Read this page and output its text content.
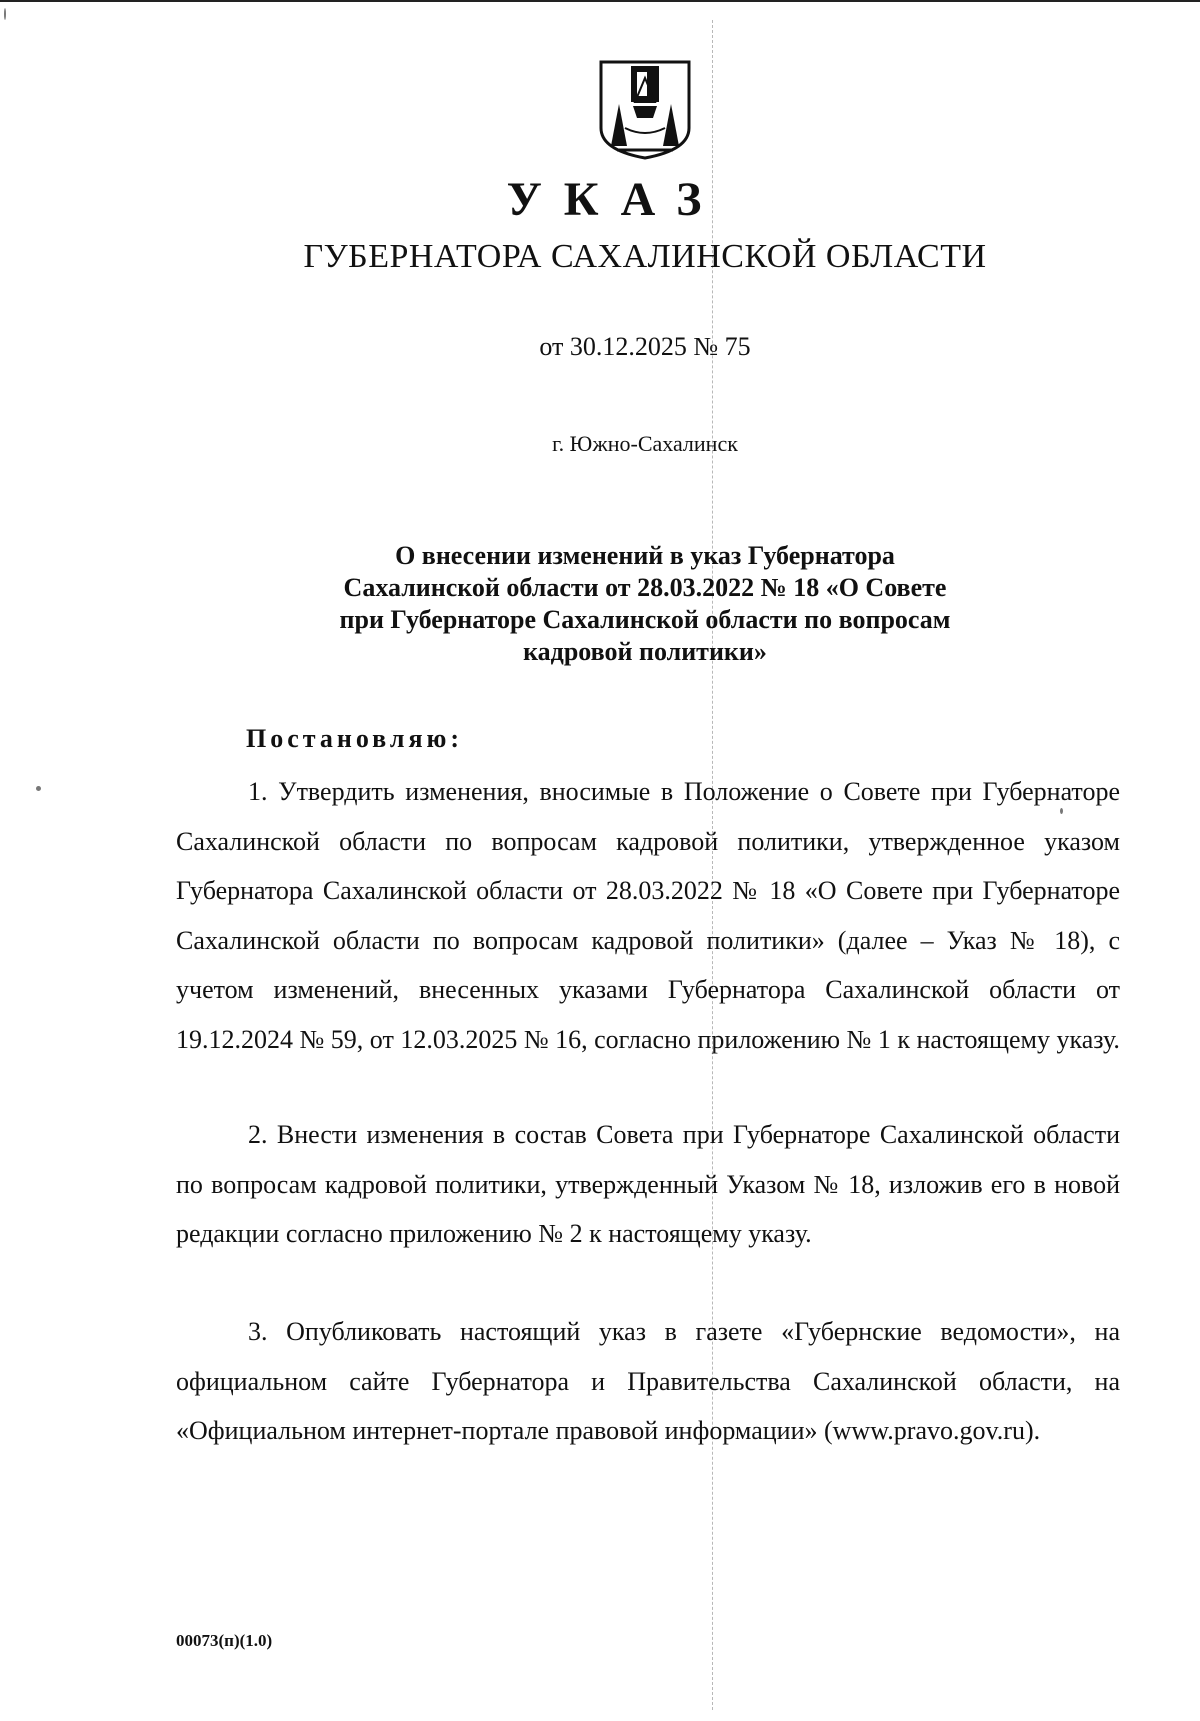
УКАЗ
ГУБЕРНАТОРА САХАЛИНСКОЙ ОБЛАСТИ
от 30.12.2025 № 75
г. Южно-Сахалинск
О внесении изменений в указ Губернатора
Сахалинской области от 28.03.2022 № 18 «О Совете
при Губернаторе Сахалинской области по вопросам
кадровой политики»
Постановляю:
1. Утвердить изменения, вносимые в Положение о Совете при Губернаторе Сахалинской области по вопросам кадровой политики, утвержденное указом Губернатора Сахалинской области от 28.03.2022 № 18 «О Совете при Губернаторе Сахалинской области по вопросам кадровой политики» (далее – Указ № 18), с учетом изменений, внесенных указами Губернатора Сахалинской области от 19.12.2024 № 59, от 12.03.2025 № 16, согласно приложению № 1 к настоящему указу.
2. Внести изменения в состав Совета при Губернаторе Сахалинской области по вопросам кадровой политики, утвержденный Указом № 18, изложив его в новой редакции согласно приложению № 2 к настоящему указу.
3. Опубликовать настоящий указ в газете «Губернские ведомости», на официальном сайте Губернатора и Правительства Сахалинской области, на «Официальном интернет-портале правовой информации» (www.pravo.gov.ru).
00073(п)(1.0)
